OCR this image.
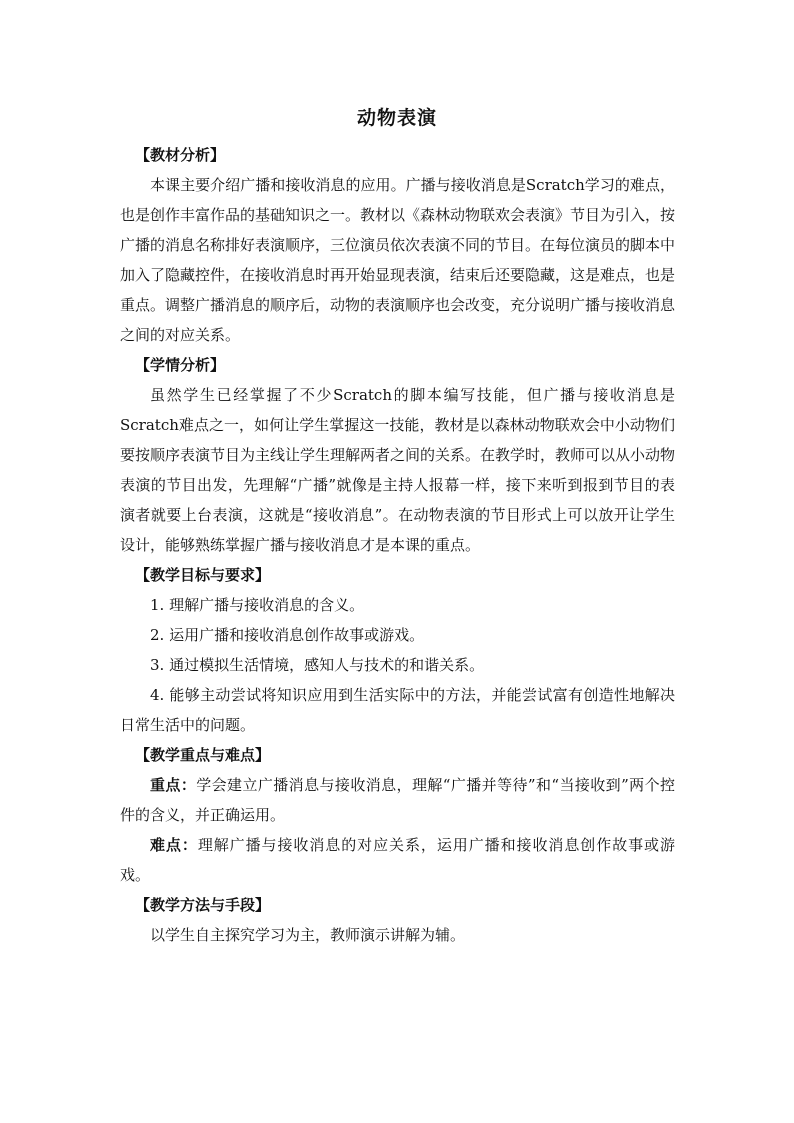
动物表演

【教材分析】

本课主要介绍广播和接收消息的应用。广播与接收消息是Scratch学习的难点，也是创作丰富作品的基础知识之一。教材以《森林动物联欢会表演》节目为引入，按广播的消息名称排好表演顺序，三位演员依次表演不同的节目。在每位演员的脚本中加入了隐藏控件，在接收消息时再开始显现表演，结束后还要隐藏，这是难点，也是重点。调整广播消息的顺序后，动物的表演顺序也会改变，充分说明广播与接收消息之间的对应关系。

【学情分析】

虽然学生已经掌握了不少Scratch的脚本编写技能，但广播与接收消息是Scratch难点之一，如何让学生掌握这一技能，教材是以森林动物联欢会中小动物们要按顺序表演节目为主线让学生理解两者之间的关系。在教学时，教师可以从小动物表演的节目出发，先理解“广播”就像是主持人报幕一样，接下来听到报到节目的表演者就要上台表演，这就是“接收消息”。在动物表演的节目形式上可以放开让学生设计，能够熟练掌握广播与接收消息才是本课的重点。

【教学目标与要求】

1. 理解广播与接收消息的含义。

2. 运用广播和接收消息创作故事或游戏。

3. 通过模拟生活情境，感知人与技术的和谐关系。

4. 能够主动尝试将知识应用到生活实际中的方法，并能尝试富有创造性地解决日常生活中的问题。

【教学重点与难点】

重点：学会建立广播消息与接收消息，理解“广播并等待”和“当接收到”两个控件的含义，并正确运用。

难点：理解广播与接收消息的对应关系，运用广播和接收消息创作故事或游戏。

【教学方法与手段】

以学生自主探究学习为主，教师演示讲解为辅。
